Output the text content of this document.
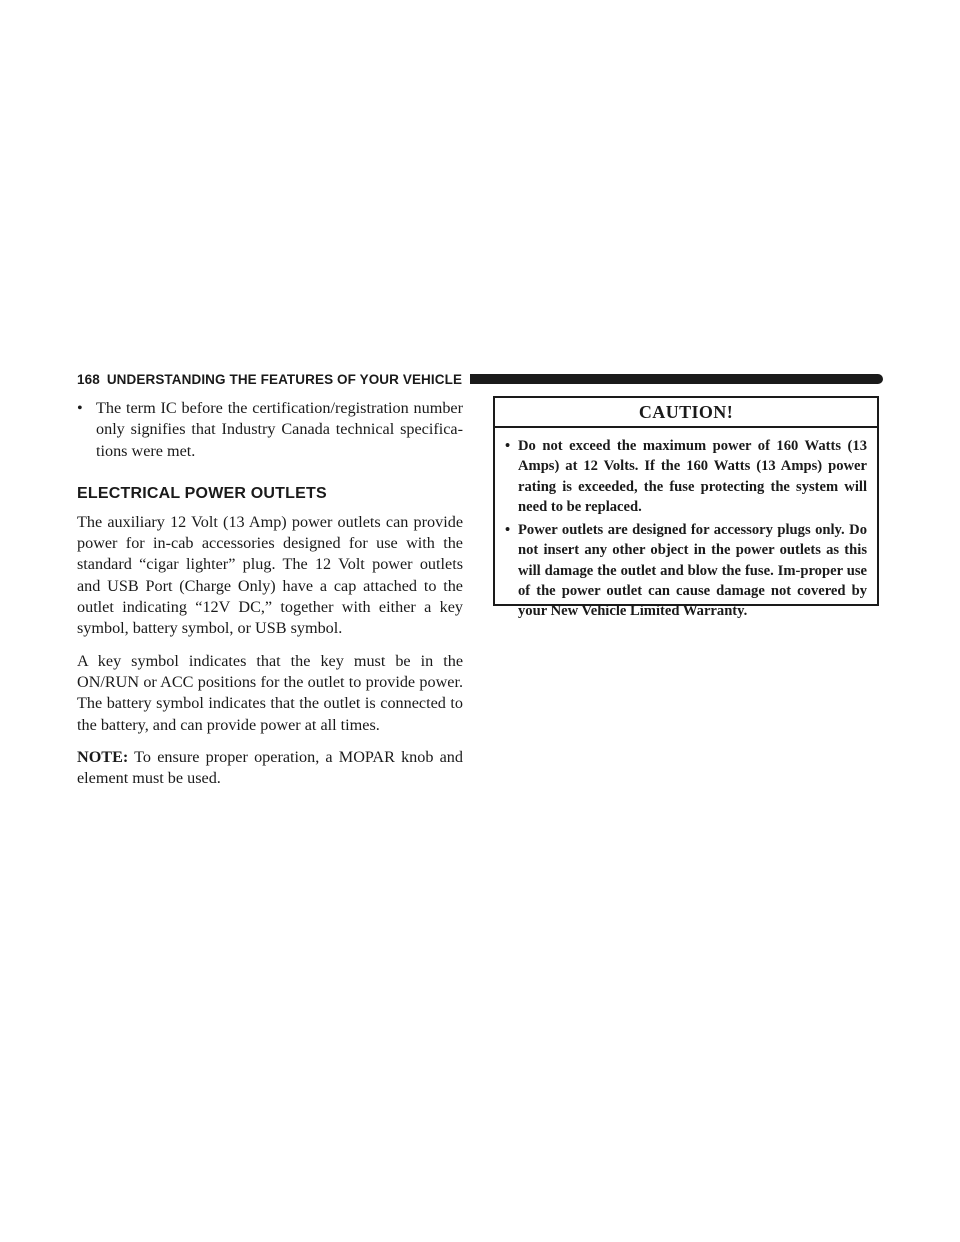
168 UNDERSTANDING THE FEATURES OF YOUR VEHICLE

• The term IC before the certification/registration number only signifies that Industry Canada technical specifica-tions were met.

ELECTRICAL POWER OUTLETS

The auxiliary 12 Volt (13 Amp) power outlets can provide power for in-cab accessories designed for use with the standard “cigar lighter” plug. The 12 Volt power outlets and USB Port (Charge Only) have a cap attached to the outlet indicating “12V DC,” together with either a key symbol, battery symbol, or USB symbol.

A key symbol indicates that the key must be in the ON/RUN or ACC positions for the outlet to provide power. The battery symbol indicates that the outlet is connected to the battery, and can provide power at all times.

NOTE: To ensure proper operation, a MOPAR knob and element must be used.

CAUTION!

• Do not exceed the maximum power of 160 Watts (13 Amps) at 12 Volts. If the 160 Watts (13 Amps) power rating is exceeded, the fuse protecting the system will need to be replaced.

• Power outlets are designed for accessory plugs only. Do not insert any other object in the power outlets as this will damage the outlet and blow the fuse. Im-proper use of the power outlet can cause damage not covered by your New Vehicle Limited Warranty.
